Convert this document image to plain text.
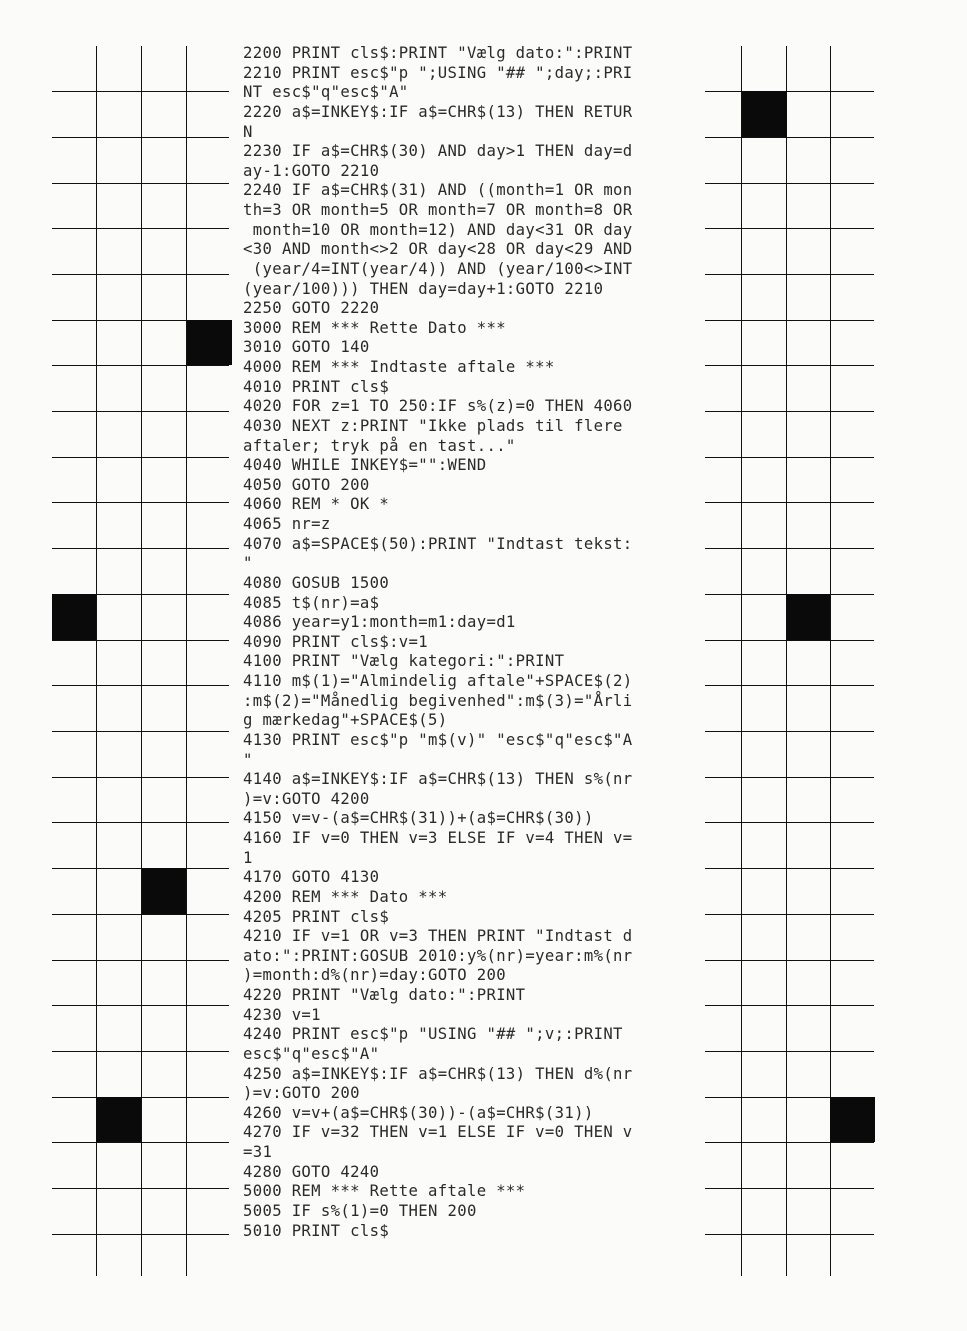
2200 PRINT cls$:PRINT "Vælg dato:":PRINT
2210 PRINT esc$"p ";USING "## ";day;:PRI
NT esc$"q"esc$"A"
2220 a$=INKEY$:IF a$=CHR$(13) THEN RETUR
N
2230 IF a$=CHR$(30) AND day>1 THEN day=d
ay-1:GOTO 2210
2240 IF a$=CHR$(31) AND ((month=1 OR mon
th=3 OR month=5 OR month=7 OR month=8 OR
month=10 OR month=12) AND day<31 OR day
<30 AND month<>2 OR day<28 OR day<29 AND
(year/4=INT(year/4)) AND (year/100<>INT
(year/100))) THEN day=day+1:GOTO 2210
2250 GOTO 2220
3000 REM *** Rette Dato ***
3010 GOTO 140
4000 REM *** Indtaste aftale ***
4010 PRINT cls$
4020 FOR z=1 TO 250:IF s%(z)=0 THEN 4060
4030 NEXT z:PRINT "Ikke plads til flere
aftaler; tryk på en tast..."
4040 WHILE INKEY$="":WEND
4050 GOTO 200
4060 REM * OK *
4065 nr=z
4070 a$=SPACE$(50):PRINT "Indtast tekst:
"
4080 GOSUB 1500
4085 t$(nr)=a$
4086 year=y1:month=m1:day=d1
4090 PRINT cls$:v=1
4100 PRINT "Vælg kategori:":PRINT
4110 m$(1)="Almindelig aftale"+SPACE$(2)
:m$(2)="Månedlig begivenhed":m$(3)="Årli
g mærkedag"+SPACE$(5)
4130 PRINT esc$"p "m$(v)" "esc$"q"esc$"A
"
4140 a$=INKEY$:IF a$=CHR$(13) THEN s%(nr
)=v:GOTO 4200
4150 v=v-(a$=CHR$(31))+(a$=CHR$(30))
4160 IF v=0 THEN v=3 ELSE IF v=4 THEN v=
1
4170 GOTO 4130
4200 REM *** Dato ***
4205 PRINT cls$
4210 IF v=1 OR v=3 THEN PRINT "Indtast d
ato:":PRINT:GOSUB 2010:y%(nr)=year:m%(nr
)=month:d%(nr)=day:GOTO 200
4220 PRINT "Vælg dato:":PRINT
4230 v=1
4240 PRINT esc$"p "USING "## ";v;:PRINT
esc$"q"esc$"A"
4250 a$=INKEY$:IF a$=CHR$(13) THEN d%(nr
)=v:GOTO 200
4260 v=v+(a$=CHR$(30))-(a$=CHR$(31))
4270 IF v=32 THEN v=1 ELSE IF v=0 THEN v
=31
4280 GOTO 4240
5000 REM *** Rette aftale ***
5005 IF s%(1)=0 THEN 200
5010 PRINT cls$
